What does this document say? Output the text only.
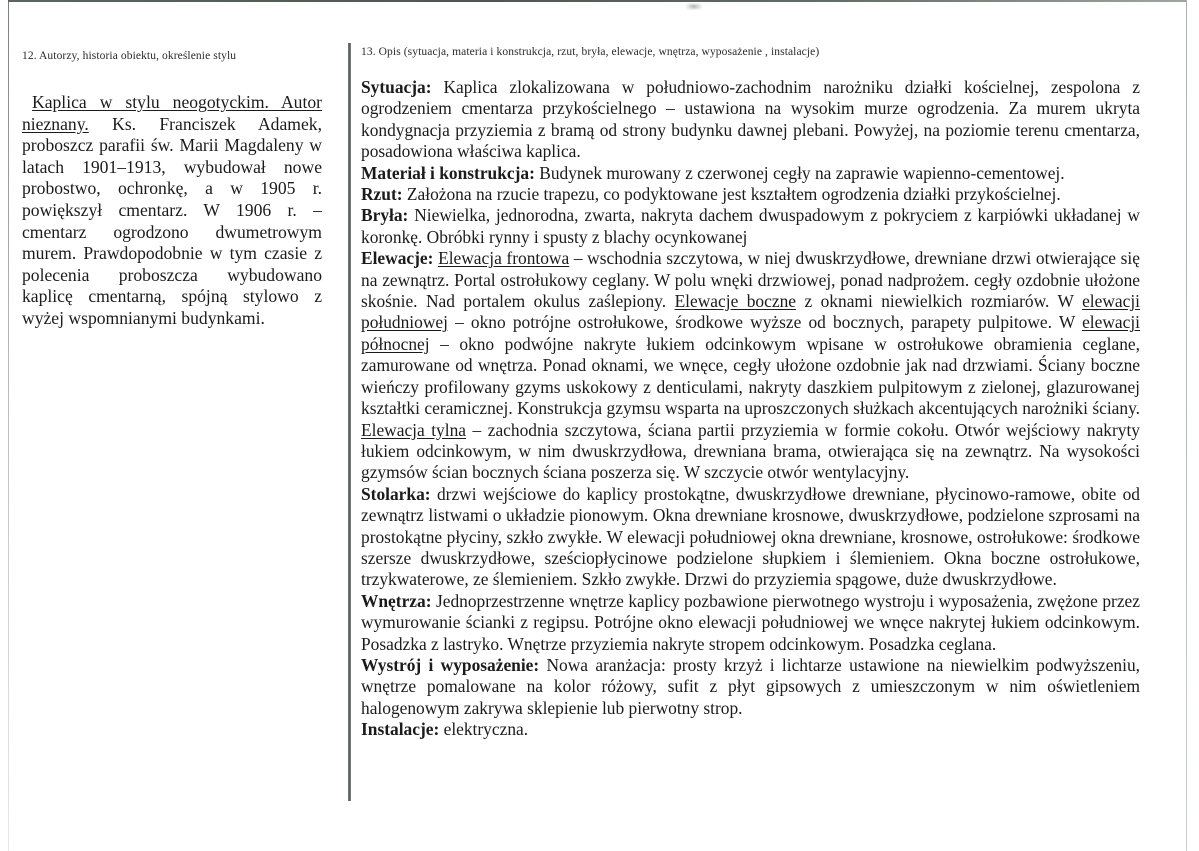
12. Autorzy, historia obiektu, określenie stylu
Kaplica w stylu neogotyckim. Autor nieznany. Ks. Franciszek Adamek, proboszcz parafii św. Marii Magdaleny w latach 1901–1913, wybudował nowe probostwo, ochronkę, a w 1905 r. powiększył cmentarz. W 1906 r. – cmentarz ogrodzono dwumetrowym murem. Prawdopodobnie w tym czasie z polecenia proboszcza wybudowano kaplicę cmentarną, spójną stylowo z wyżej wspomnianymi budynkami.
13. Opis (sytuacja, materia i konstrukcja, rzut, bryła, elewacje, wnętrza, wyposażenie , instalacje)

Sytuacja: Kaplica zlokalizowana w południowo-zachodnim narożniku działki kościelnej, zespolona z ogrodzeniem cmentarza przykościelnego – ustawiona na wysokim murze ogrodzenia. Za murem ukryta kondygnacja przyziemia z bramą od strony budynku dawnej plebani. Powyżej, na poziomie terenu cmentarza, posadowiona właściwa kaplica.

Materiał i konstrukcja: Budynek murowany z czerwonej cegły na zaprawie wapienno-cementowej.

Rzut: Założona na rzucie trapezu, co podyktowane jest kształtem ogrodzenia działki przykościelnej.

Bryła: Niewielka, jednorodna, zwarta, nakryta dachem dwuspadowym z pokryciem z karpiówki układanej w koronkę. Obróbki rynny i spusty z blachy ocynkowanej

Elewacje: Elewacja frontowa – wschodnia szczytowa, w niej dwuskrzydłowe, drewniane drzwi otwierające się na zewnątrz. Portal ostrołukowy ceglany. W polu wnęki drzwiowej, ponad nadprożem. cegły ozdobnie ułożone skośnie. Nad portalem okulus zaślepiony. Elewacje boczne z oknami niewielkich rozmiarów. W elewacji południowej – okno potrójne ostrołukowe, środkowe wyższe od bocznych, parapety pulpitowe. W elewacji północnej – okno podwójne nakryte łukiem odcinkowym wpisane w ostrołukowe obramienia ceglane, zamurowane od wnętrza. Ponad oknami, we wnęce, cegły ułożone ozdobnie jak nad drzwiami. Ściany boczne wieńczy profilowany gzyms uskokowy z denticulami, nakryty daszkiem pulpitowym z zielonej, glazurowanej kształtki ceramicznej. Konstrukcja gzymsu wsparta na uproszczonych służkach akcentujących narożniki ściany. Elewacja tylna – zachodnia szczytowa, ściana partii przyziemia w formie cokołu. Otwór wejściowy nakryty łukiem odcinkowym, w nim dwuskrzydłowa, drewniana brama, otwierająca się na zewnątrz. Na wysokości gzymsów ścian bocznych ściana poszerza się. W szczycie otwór wentylacyjny.

Stolarka: drzwi wejściowe do kaplicy prostokątne, dwuskrzydłowe drewniane, płycinowo-ramowe, obite od zewnątrz listwami o układzie pionowym. Okna drewniane krosnowe, dwuskrzydłowe, podzielone szprosami na prostokątne płyciny, szkło zwykłe. W elewacji południowej okna drewniane, krosnowe, ostrołukowe: środkowe szersze dwuskrzydłowe, sześciopłycinowe podzielone słupkiem i ślemieniem. Okna boczne ostrołukowe, trzykwaterowe, ze ślemieniem. Szkło zwykłe. Drzwi do przyziemia spągowe, duże dwuskrzydłowe.

Wnętrza: Jednoprzestrzenne wnętrze kaplicy pozbawione pierwotnego wystroju i wyposażenia, zwężone przez wymurowanie ścianki z regipsu. Potrójne okno elewacji południowej we wnęce nakrytej łukiem odcinkowym. Posadzka z lastryko. Wnętrze przyziemia nakryte stropem odcinkowym. Posadzka ceglana.

Wystrój i wyposażenie: Nowa aranżacja: prosty krzyż i lichtarze ustawione na niewielkim podwyższeniu, wnętrze pomalowane na kolor różowy, sufit z płyt gipsowych z umieszczonym w nim oświetleniem halogenowym zakrywa sklepienie lub pierwotny strop.

Instalacje: elektryczna.
